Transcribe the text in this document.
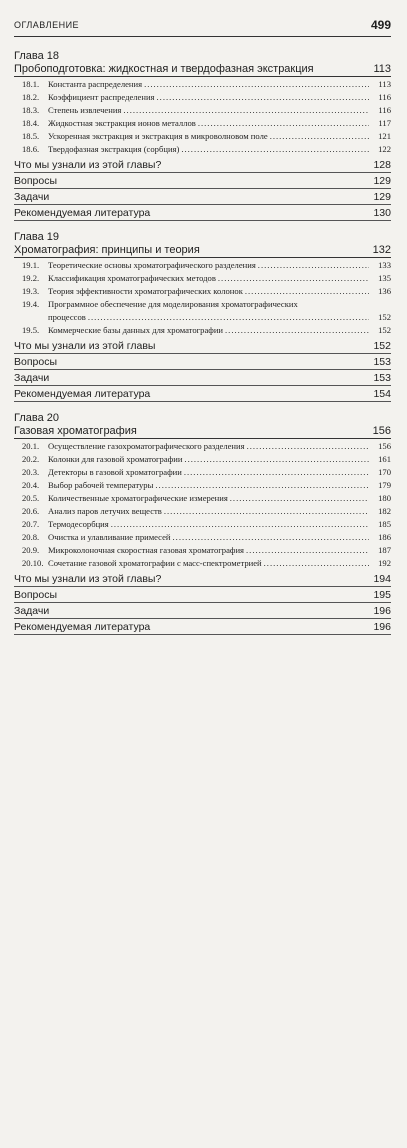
ОГЛАВЛЕНИЕ	499
Глава 18
Пробоподготовка: жидкостная и твердофазная экстракция	113
18.1.	Константа распределения .....	113
18.2.	Коэффициент распределения .....	116
18.3.	Степень извлечения .....	116
18.4.	Жидкостная экстракция ионов металлов .....	117
18.5.	Ускоренная экстракция и экстракция в микроволновом поле .....	121
18.6.	Твердофазная экстракция (сорбция) .....	122
Что мы узнали из этой главы?	128
Вопросы	129
Задачи	129
Рекомендуемая литература	130
Глава 19
Хроматография: принципы и теория	132
19.1.	Теоретические основы хроматографического разделения .....	133
19.2.	Классификация хроматографических методов .....	135
19.3.	Теория эффективности хроматографических колонок .....	136
19.4.	Программное обеспечение для моделирования хроматографических
процессов .....	152
19.5.	Коммерческие базы данных для хроматографии .....	152
Что мы узнали из этой главы	152
Вопросы	153
Задачи	153
Рекомендуемая литература	154
Глава 20
Газовая хроматография	156
20.1.	Осуществление газохроматографического разделения .....	156
20.2.	Колонки для газовой хроматографии .....	161
20.3.	Детекторы в газовой хроматографии .....	170
20.4.	Выбор рабочей температуры .....	179
20.5.	Количественные хроматографические измерения .....	180
20.6.	Анализ паров летучих веществ .....	182
20.7.	Термодесорбция .....	185
20.8.	Очистка и улавливание примесей .....	186
20.9.	Микроколоночная скоростная газовая хроматография .....	187
20.10. Сочетание газовой хроматографии с масс-спектрометрией .....	192
Что мы узнали из этой главы?	194
Вопросы	195
Задачи	196
Рекомендуемая литература	196
